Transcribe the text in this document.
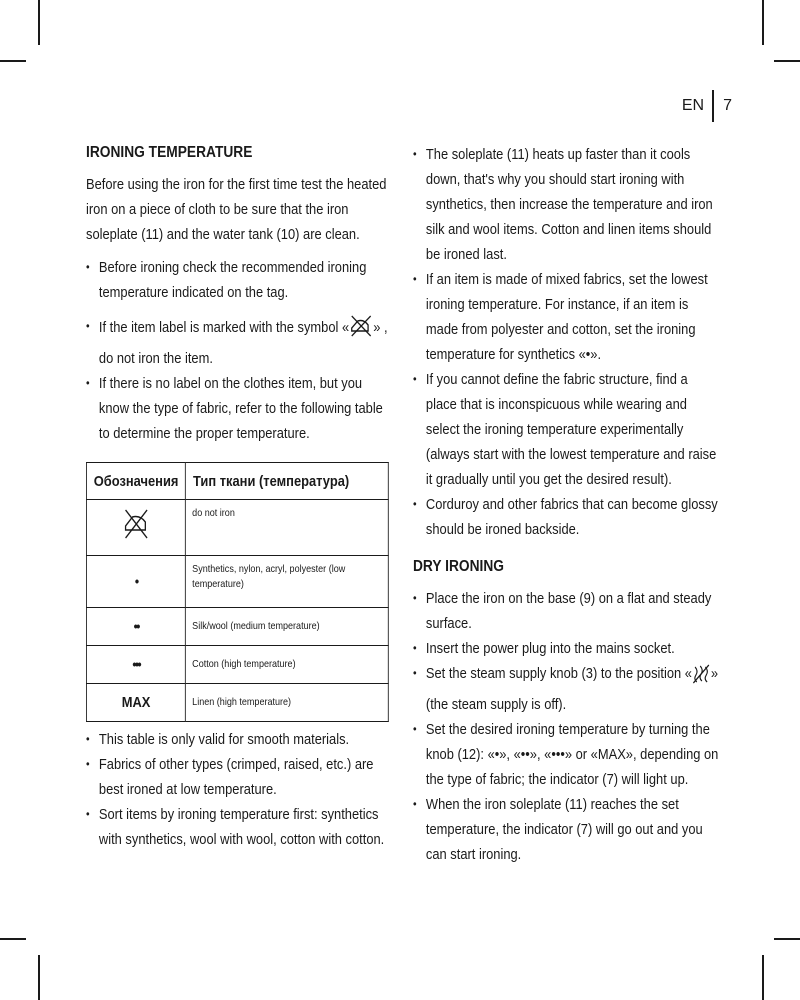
EN 7
IRONING TEMPERATURE

Before using the iron for the first time test the heated iron on a piece of cloth to be sure that the iron soleplate (11) and the water tank (10) are clean.

• Before ironing check the recommended ironing temperature indicated on the tag.
• If the item label is marked with the symbol « » , do not iron the item.
• If there is no label on the clothes item, but you know the type of fabric, refer to the following table to determine the proper temperature.
Обозначения	Тип ткани (температура)
	do not iron
•	Synthetics, nylon, acryl, polyester (low temperature)
••	Silk/wool (medium temperature)
•••	Cotton (high temperature)
MAX	Linen (high temperature)
• This table is only valid for smooth materials.
• Fabrics of other types (crimped, raised, etc.) are best ironed at low temperature.
• Sort items by ironing temperature first: synthetics with synthetics, wool with wool, cotton with cotton.
• The soleplate (11) heats up faster than it cools down, that's why you should start ironing with synthetics, then increase the temperature and iron silk and wool items. Cotton and linen items should be ironed last.
• If an item is made of mixed fabrics, set the lowest ironing temperature. For instance, if an item is made from polyester and cotton, set the ironing temperature for synthetics «•».
• If you cannot define the fabric structure, find a place that is inconspicuous while wearing and select the ironing temperature experimentally (always start with the lowest temperature and raise it gradually until you get the desired result).
• Corduroy and other fabrics that can become glossy should be ironed backside.
DRY IRONING
• Place the iron on the base (9) on a flat and steady surface.
• Insert the power plug into the mains socket.
• Set the steam supply knob (3) to the position « » (the steam supply is off).
• Set the desired ironing temperature by turning the knob (12): «•», «••», «•••» or «MAX», depending on the type of fabric; the indicator (7) will light up.
• When the iron soleplate (11) reaches the set temperature, the indicator (7) will go out and you can start ironing.
